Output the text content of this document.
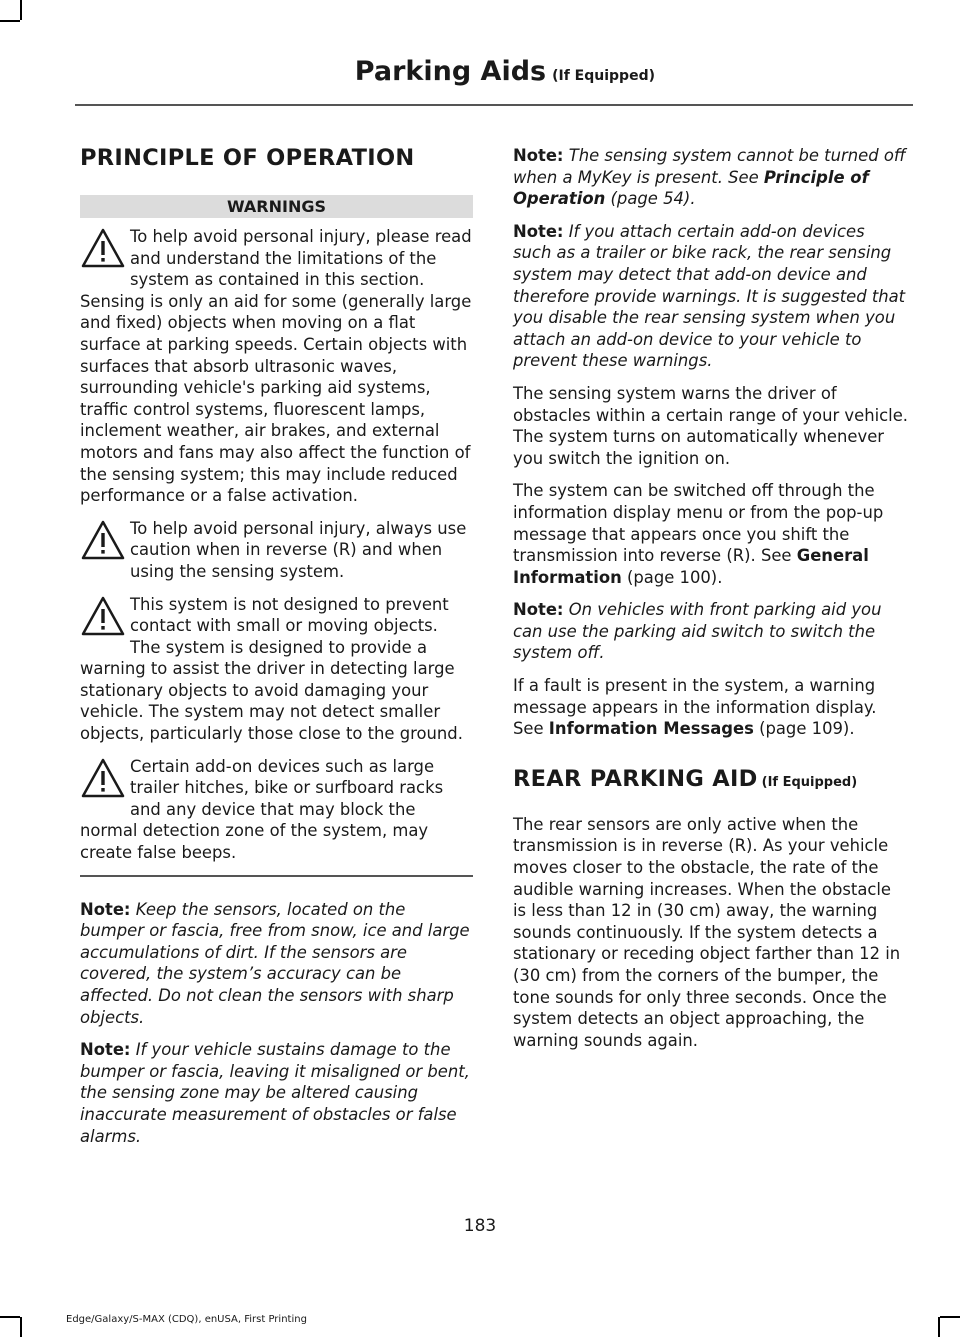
Parking Aids (If Equipped)
PRINCIPLE OF OPERATION
WARNINGS
To help avoid personal injury, please read and understand the limitations of the system as contained in this section. Sensing is only an aid for some (generally large and fixed) objects when moving on a flat surface at parking speeds. Certain objects with surfaces that absorb ultrasonic waves, surrounding vehicle's parking aid systems, traffic control systems, fluorescent lamps, inclement weather, air brakes, and external motors and fans may also affect the function of the sensing system; this may include reduced performance or a false activation.
To help avoid personal injury, always use caution when in reverse (R) and when using the sensing system.
This system is not designed to prevent contact with small or moving objects. The system is designed to provide a warning to assist the driver in detecting large stationary objects to avoid damaging your vehicle. The system may not detect smaller objects, particularly those close to the ground.
Certain add-on devices such as large trailer hitches, bike or surfboard racks and any device that may block the normal detection zone of the system, may create false beeps.

Note: Keep the sensors, located on the bumper or fascia, free from snow, ice and large accumulations of dirt. If the sensors are covered, the system’s accuracy can be affected. Do not clean the sensors with sharp objects.

Note: If your vehicle sustains damage to the bumper or fascia, leaving it misaligned or bent, the sensing zone may be altered causing inaccurate measurement of obstacles or false alarms.

Note: The sensing system cannot be turned off when a MyKey is present. See Principle of Operation (page 54).

Note: If you attach certain add-on devices such as a trailer or bike rack, the rear sensing system may detect that add-on device and therefore provide warnings. It is suggested that you disable the rear sensing system when you attach an add-on device to your vehicle to prevent these warnings.

The sensing system warns the driver of obstacles within a certain range of your vehicle. The system turns on automatically whenever you switch the ignition on.

The system can be switched off through the information display menu or from the pop-up message that appears once you shift the transmission into reverse (R). See General Information (page 100).

Note: On vehicles with front parking aid you can use the parking aid switch to switch the system off.

If a fault is present in the system, a warning message appears in the information display. See Information Messages (page 109).

REAR PARKING AID (If Equipped)

The rear sensors are only active when the transmission is in reverse (R). As your vehicle moves closer to the obstacle, the rate of the audible warning increases. When the obstacle is less than 12 in (30 cm) away, the warning sounds continuously. If the system detects a stationary or receding object farther than 12 in (30 cm) from the corners of the bumper, the tone sounds for only three seconds. Once the system detects an object approaching, the warning sounds again.

183
Edge/Galaxy/S-MAX (CDQ), enUSA, First Printing
